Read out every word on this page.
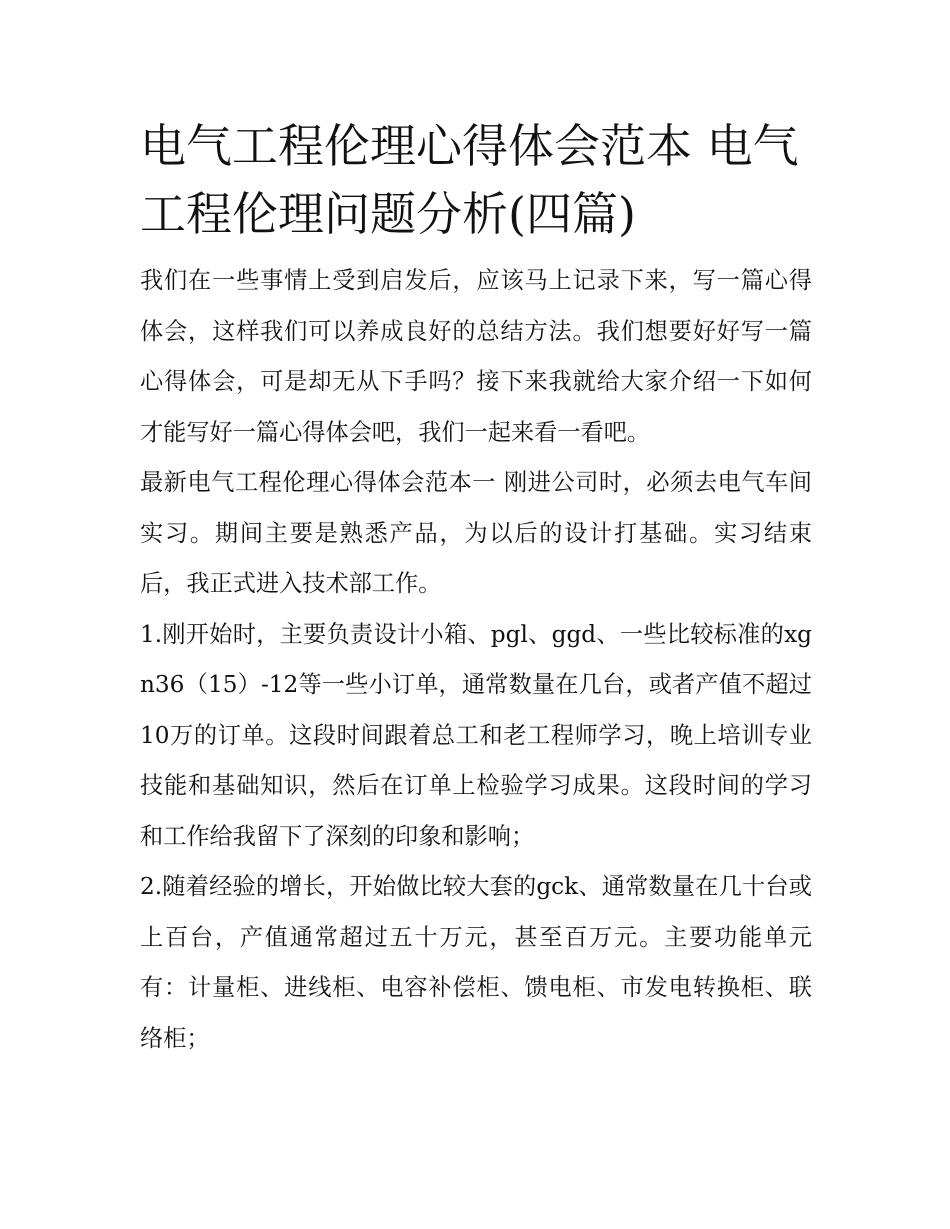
电气工程伦理心得体会范本 电气工程伦理问题分析(四篇)

我们在一些事情上受到启发后，应该马上记录下来，写一篇心得体会，这样我们可以养成良好的总结方法。我们想要好好写一篇心得体会，可是却无从下手吗？接下来我就给大家介绍一下如何才能写好一篇心得体会吧，我们一起来看一看吧。

最新电气工程伦理心得体会范本一 刚进公司时，必须去电气车间实习。期间主要是熟悉产品，为以后的设计打基础。实习结束后，我正式进入技术部工作。

1.刚开始时，主要负责设计小箱、pgl、ggd、一些比较标准的xgn36（15）-12等一些小订单，通常数量在几台，或者产值不超过10万的订单。这段时间跟着总工和老工程师学习，晚上培训专业技能和基础知识，然后在订单上检验学习成果。这段时间的学习和工作给我留下了深刻的印象和影响；

2.随着经验的增长，开始做比较大套的gck、通常数量在几十台或上百台，产值通常超过五十万元，甚至百万元。主要功能单元有：计量柜、进线柜、电容补偿柜、馈电柜、市发电转换柜、联络柜；
